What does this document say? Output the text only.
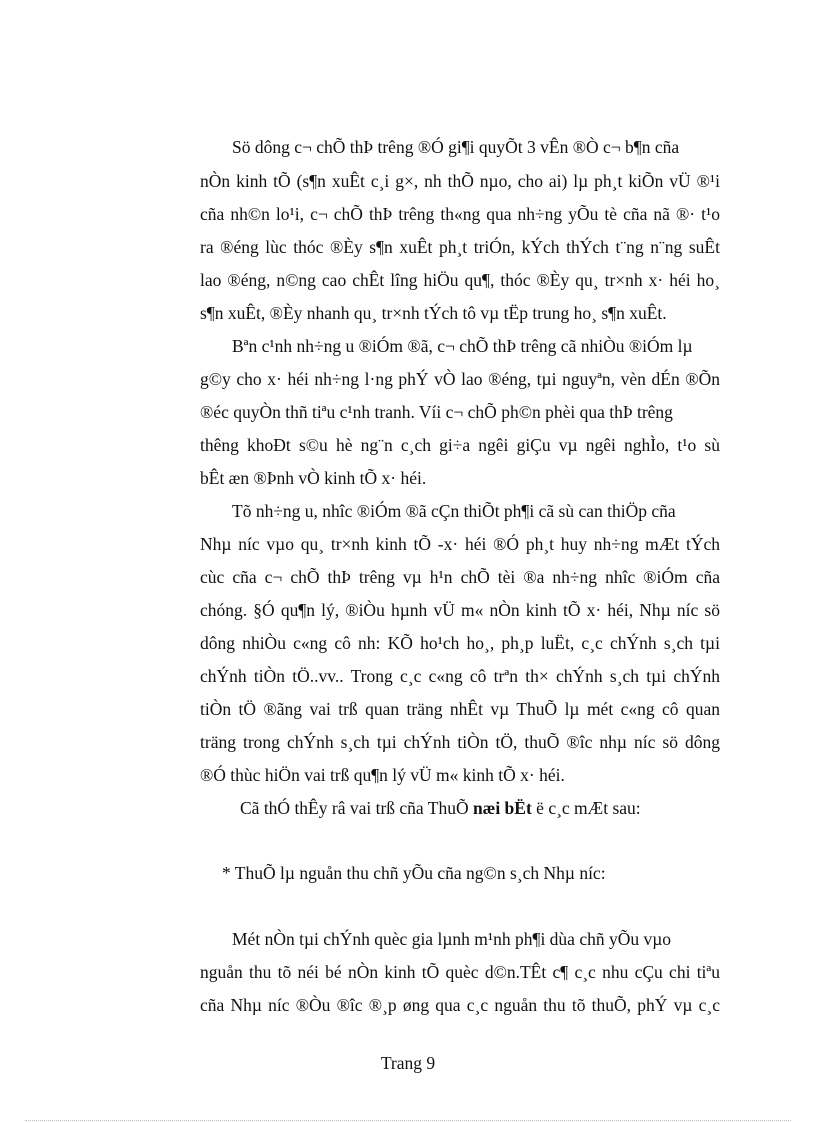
Sö dông c¬ chÕ thÞ trêng ®Ó gi¶i quyÕt 3 vÊn ®Ò c¬ b¶n cña
nÒn kinh tÕ (s¶n xuÊt c¸i g×, nh thÕ nµo, cho ai) lµ ph¸t kiÕn vÜ ®¹i
cña nh©n lo¹i, c¬ chÕ thÞ trêng th«ng qua nh÷ng yÕu tè cña nã ®· t¹o
ra ®éng lùc thóc ®Èy s¶n xuÊt ph¸t triÓn, kÝch thÝch t¨ng n¨ng suÊt
lao ®éng, n©ng cao chÊt lîng hiÖu qu¶, thóc ®Èy qu¸ tr×nh x· héi ho¸
s¶n xuÊt, ®Èy nhanh qu¸ tr×nh tÝch tô vµ tËp trung ho¸ s¶n xuÊt.
Bªn c¹nh nh÷ng u ®iÓm ®ã, c¬ chÕ thÞ trêng cã nhiÒu ®iÓm lµ
g©y cho x· héi nh÷ng l·ng phÝ vÒ lao ®éng, tµi nguyªn, vèn dÉn ®Õn
®éc quyÒn thñ tiªu c¹nh tranh. Víi c¬ chÕ ph©n phèi qua thÞ trêng
thêng khoÐt s©u hè ng¨n c¸ch gi÷a ngêi giÇu vµ ngêi nghÌo, t¹o sù
bÊt æn ®Þnh vÒ kinh tÕ x· héi.
Tõ nh÷ng u, nhîc ®iÓm ®ã cÇn thiÕt ph¶i cã sù can thiÖp cña
Nhµ níc vµo qu¸ tr×nh kinh tÕ -x· héi ®Ó ph¸t huy nh÷ng mÆt tÝch
cùc cña c¬ chÕ thÞ trêng vµ h¹n chÕ tèi ®a nh÷ng nhîc ®iÓm cña
chóng. §Ó qu¶n lý, ®iÒu hµnh vÜ m« nÒn kinh tÕ x· héi, Nhµ níc sö
dông nhiÒu c«ng cô nh: KÕ ho¹ch ho¸, ph¸p luËt, c¸c chÝnh s¸ch tµi
chÝnh tiÒn tÖ..vv.. Trong c¸c c«ng cô trªn th× chÝnh s¸ch tµi chÝnh
tiÒn tÖ ®ãng vai trß quan träng nhÊt vµ ThuÕ lµ mét c«ng cô quan
träng trong chÝnh s¸ch tµi chÝnh tiÒn tÖ, thuÕ ®îc nhµ níc sö dông
®Ó thùc hiÖn vai trß qu¶n lý vÜ m« kinh tÕ x· héi.
Cã thÓ thÊy râ vai trß cña ThuÕ næi bËt ë c¸c mÆt sau:
* ThuÕ lµ nguån thu chñ yÕu cña ng©n s¸ch Nhµ níc:
Mét nÒn tµi chÝnh quèc gia lµnh m¹nh ph¶i dùa chñ yÕu vµo
nguån thu tõ néi bé nÒn kinh tÕ quèc d©n.TÊt c¶ c¸c nhu cÇu chi tiªu
cña Nhµ níc ®Òu ®îc ®¸p øng qua c¸c nguån thu tõ thuÕ, phÝ vµ c¸c
Trang 9
